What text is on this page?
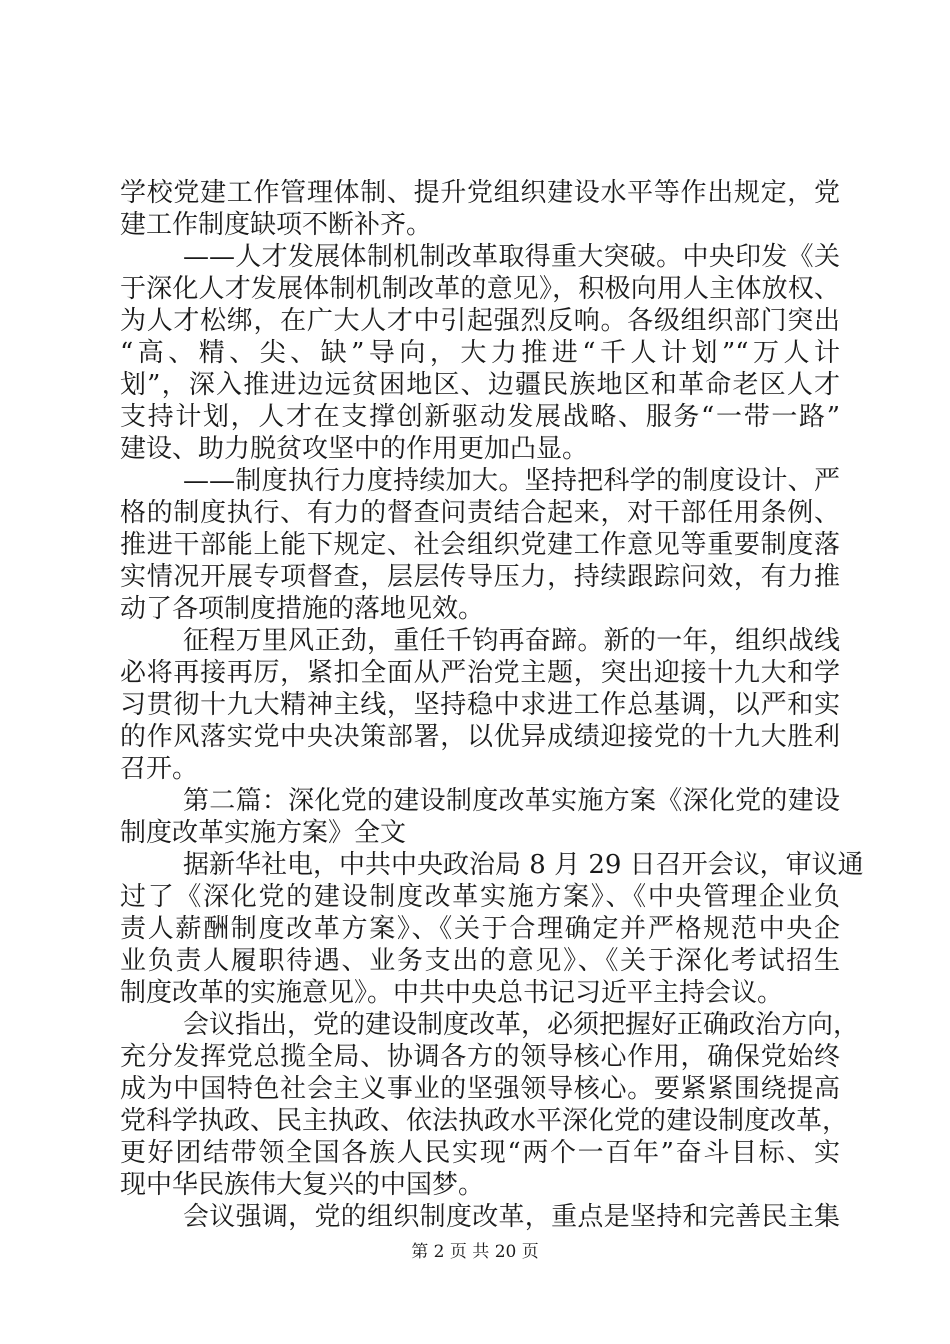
学校党建工作管理体制、提升党组织建设水平等作出规定，党
建工作制度缺项不断补齐。
——人才发展体制机制改革取得重大突破。中央印发《关
于深化人才发展体制机制改革的意见》，积极向用人主体放权、
为人才松绑，在广大人才中引起强烈反响。各级组织部门突出
“高、精、尖、缺”导向，大力推进“千人计划”“万人计
划”，深入推进边远贫困地区、边疆民族地区和革命老区人才
支持计划，人才在支撑创新驱动发展战略、服务“一带一路”
建设、助力脱贫攻坚中的作用更加凸显。
——制度执行力度持续加大。坚持把科学的制度设计、严
格的制度执行、有力的督查问责结合起来，对干部任用条例、
推进干部能上能下规定、社会组织党建工作意见等重要制度落
实情况开展专项督查，层层传导压力，持续跟踪问效，有力推
动了各项制度措施的落地见效。
征程万里风正劲，重任千钧再奋蹄。新的一年，组织战线
必将再接再厉，紧扣全面从严治党主题，突出迎接十九大和学
习贯彻十九大精神主线，坚持稳中求进工作总基调，以严和实
的作风落实党中央决策部署，以优异成绩迎接党的十九大胜利
召开。
第二篇：深化党的建设制度改革实施方案《深化党的建设
制度改革实施方案》全文
据新华社电，中共中央政治局 8 月 29 日召开会议，审议通
过了《深化党的建设制度改革实施方案》、《中央管理企业负
责人薪酬制度改革方案》、《关于合理确定并严格规范中央企
业负责人履职待遇、业务支出的意见》、《关于深化考试招生
制度改革的实施意见》。中共中央总书记习近平主持会议。
会议指出，党的建设制度改革，必须把握好正确政治方向，
充分发挥党总揽全局、协调各方的领导核心作用，确保党始终
成为中国特色社会主义事业的坚强领导核心。要紧紧围绕提高
党科学执政、民主执政、依法执政水平深化党的建设制度改革，
更好团结带领全国各族人民实现“两个一百年”奋斗目标、实
现中华民族伟大复兴的中国梦。
会议强调，党的组织制度改革，重点是坚持和完善民主集
第 2 页 共 20 页
